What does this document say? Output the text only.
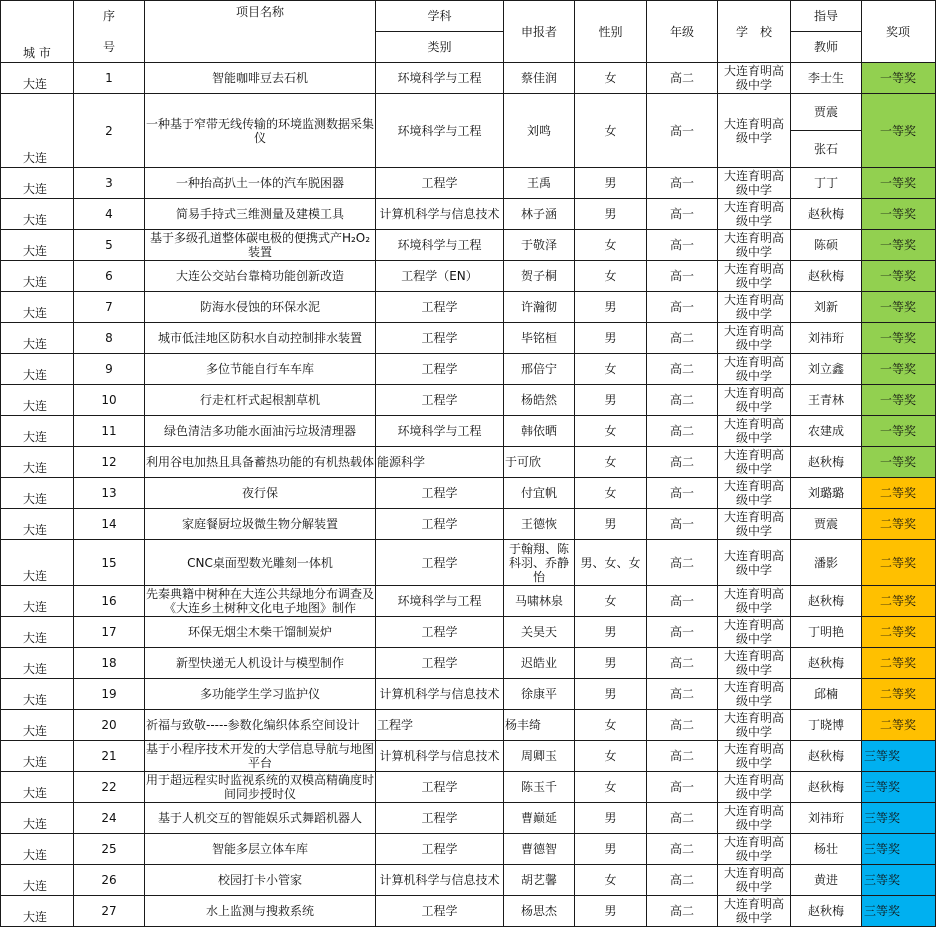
城 市	序	项目名称	学科	申报者	性别	年级	学　校	指导	奖项
	号		类别					教师	
大连	1	智能咖啡豆去石机	环境科学与工程	蔡佳润	女	高二	大连育明高级中学	李士生	一等奖
大连	2	一种基于窄带无线传输的环境监测数据采集仪	环境科学与工程	刘鸣	女	高一	大连育明高级中学	贾震	一等奖
								张石	
大连	3	一种抬高扒土一体的汽车脱困器	工程学	王禹	男	高一	大连育明高级中学	丁丁	一等奖
大连	4	简易手持式三维测量及建模工具	计算机科学与信息技术	林子涵	男	高一	大连育明高级中学	赵秋梅	一等奖
大连	5	基于多级孔道整体碳电极的便携式产H₂O₂装置	环境科学与工程	于敬泽	女	高一	大连育明高级中学	陈硕	一等奖
大连	6	大连公交站台靠椅功能创新改造	工程学（EN）	贺子桐	女	高一	大连育明高级中学	赵秋梅	一等奖
大连	7	防海水侵蚀的环保水泥	工程学	许瀚彻	男	高一	大连育明高级中学	刘新	一等奖
大连	8	城市低洼地区防积水自动控制排水装置	工程学	毕铭桓	男	高二	大连育明高级中学	刘祎珩	一等奖
大连	9	多位节能自行车车库	工程学	邢倍宁	女	高二	大连育明高级中学	刘立鑫	一等奖
大连	10	行走杠杆式起根割草机	工程学	杨皓然	男	高二	大连育明高级中学	王青林	一等奖
大连	11	绿色清洁多功能水面油污垃圾清理器	环境科学与工程	韩依晒	女	高二	大连育明高级中学	农建成	一等奖
大连	12	利用谷电加热且具备蓄热功能的有机热载体	能源科学	于可欣	女	高二	大连育明高级中学	赵秋梅	一等奖
大连	13	夜行保	工程学	付宜帆	女	高一	大连育明高级中学	刘璐璐	二等奖
大连	14	家庭餐厨垃圾微生物分解装置	工程学	王德恢	男	高一	大连育明高级中学	贾震	二等奖
大连	15	CNC桌面型数光雕刻一体机	工程学	于翰翔、陈科羽、乔静怡	男、女、女	高二	大连育明高级中学	潘影	二等奖
大连	16	先秦典籍中树种在大连公共绿地分布调查及《大连乡土树种文化电子地图》制作	环境科学与工程	马啸林泉	女	高一	大连育明高级中学	赵秋梅	二等奖
大连	17	环保无烟尘木柴干馏制炭炉	工程学	关昊天	男	高一	大连育明高级中学	丁明艳	二等奖
大连	18	新型快递无人机设计与模型制作	工程学	迟皓业	男	高二	大连育明高级中学	赵秋梅	二等奖
大连	19	多功能学生学习监护仪	计算机科学与信息技术	徐康平	男	高二	大连育明高级中学	邱楠	二等奖
大连	20	祈福与致敬-----参数化编织体系空间设计	工程学	杨丰绮	女	高二	大连育明高级中学	丁晓博	二等奖
大连	21	基于小程序技术开发的大学信息导航与地图平台	计算机科学与信息技术	周卿玉	女	高二	大连育明高级中学	赵秋梅	三等奖
大连	22	用于超远程实时监视系统的双模高精确度时间同步授时仪	工程学	陈玉千	女	高一	大连育明高级中学	赵秋梅	三等奖
大连	24	基于人机交互的智能娱乐式舞蹈机器人	工程学	曹巅延	男	高二	大连育明高级中学	刘祎珩	三等奖
大连	25	智能多层立体车库	工程学	曹德智	男	高二	大连育明高级中学	杨壮	三等奖
大连	26	校园打卡小管家	计算机科学与信息技术	胡艺馨	女	高二	大连育明高级中学	黄进	三等奖
大连	27	水上监测与搜救系统	工程学	杨思杰	男	高二	大连育明高级中学	赵秋梅	三等奖
